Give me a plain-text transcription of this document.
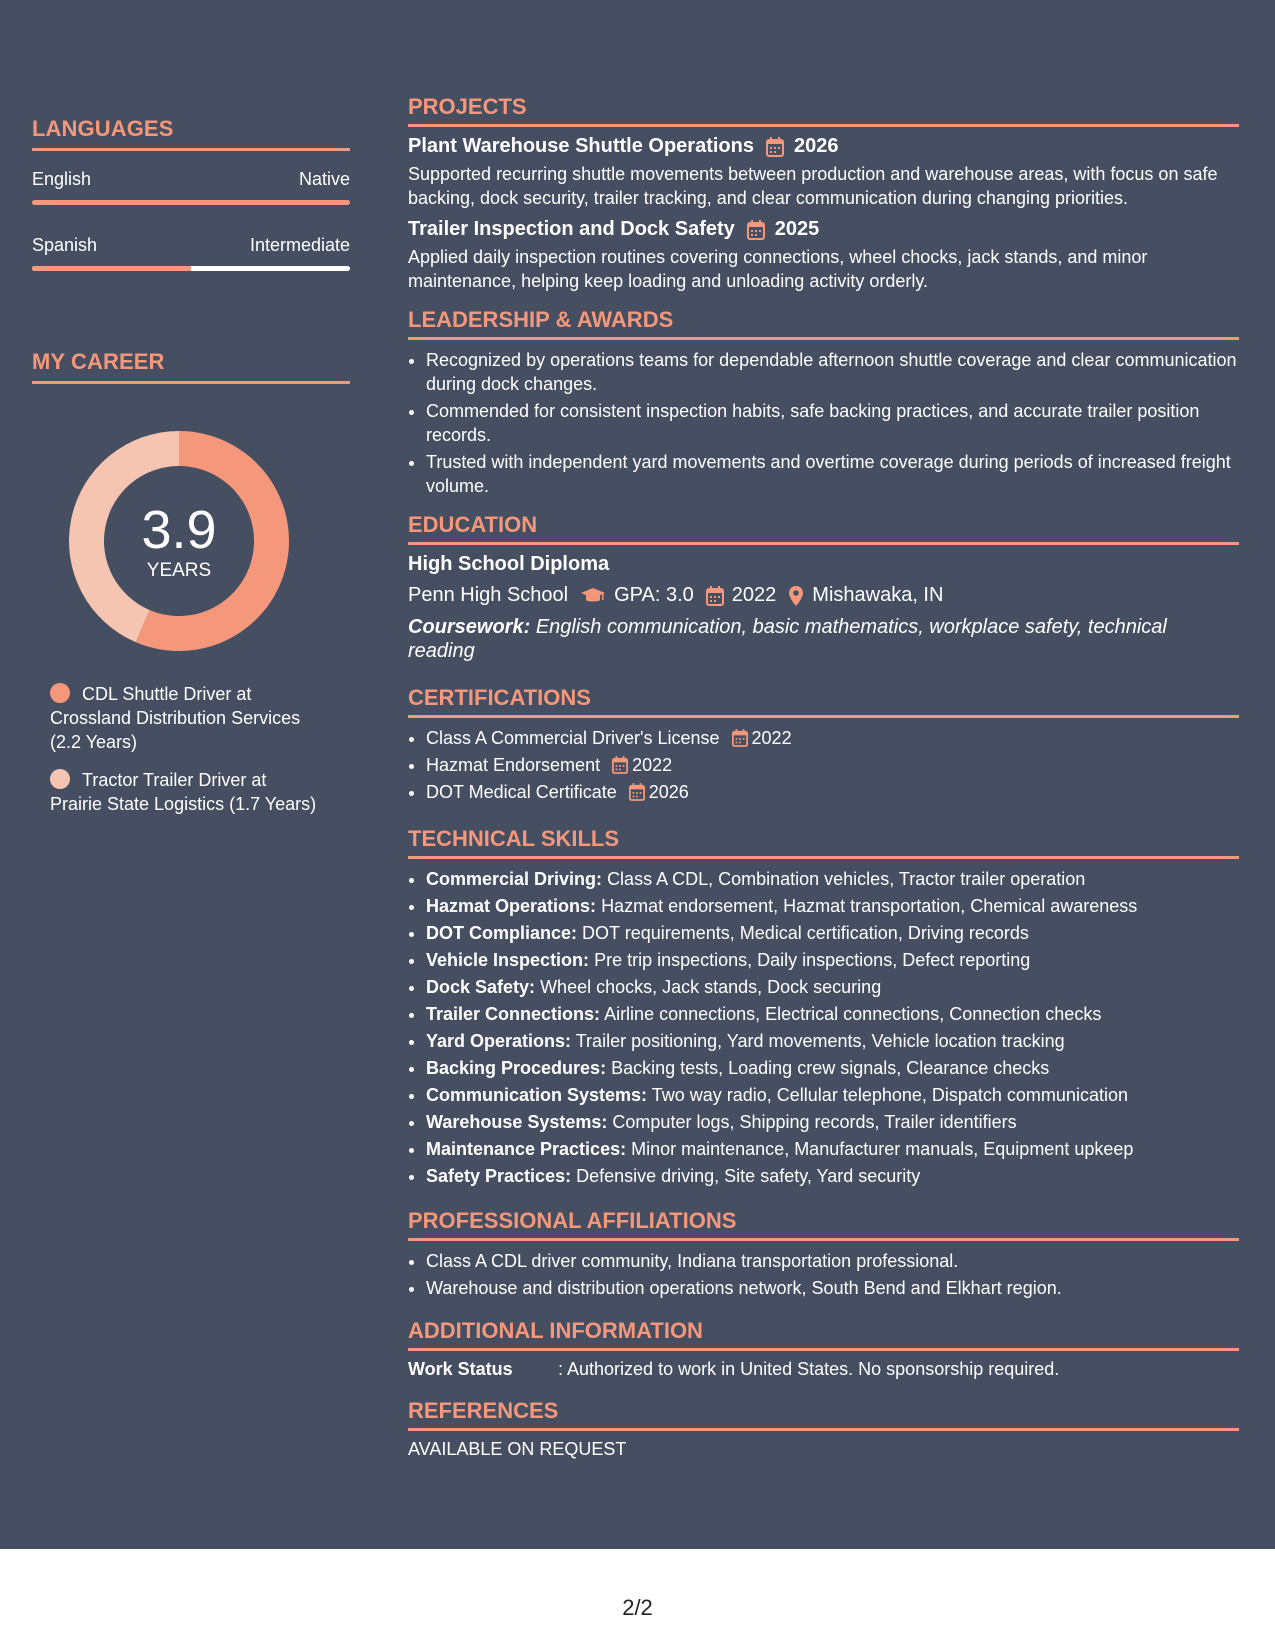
LANGUAGES
English	Native
Spanish	Intermediate
MY CAREER
3.9
YEARS
CDL Shuttle Driver at Crossland Distribution Services (2.2 Years)
Tractor Trailer Driver at Prairie State Logistics (1.7 Years)
PROJECTS
Plant Warehouse Shuttle Operations 2026

Supported recurring shuttle movements between production and warehouse areas, with focus on safe backing, dock security, trailer tracking, and clear communication during changing priorities.

Trailer Inspection and Dock Safety 2025

Applied daily inspection routines covering connections, wheel chocks, jack stands, and minor maintenance, helping keep loading and unloading activity orderly.

LEADERSHIP & AWARDS
• Recognized by operations teams for dependable afternoon shuttle coverage and clear communication during dock changes.
• Commended for consistent inspection habits, safe backing practices, and accurate trailer position records.
• Trusted with independent yard movements and overtime coverage during periods of increased freight volume.
EDUCATION
High School Diploma
Penn High School GPA: 3.0 2022 Mishawaka, IN

Coursework: English communication, basic mathematics, workplace safety, technical reading

CERTIFICATIONS
• Class A Commercial Driver's License 2022
• Hazmat Endorsement 2022
• DOT Medical Certificate 2026
TECHNICAL SKILLS
• Commercial Driving: Class A CDL, Combination vehicles, Tractor trailer operation
• Hazmat Operations: Hazmat endorsement, Hazmat transportation, Chemical awareness
• DOT Compliance: DOT requirements, Medical certification, Driving records
• Vehicle Inspection: Pre trip inspections, Daily inspections, Defect reporting
• Dock Safety: Wheel chocks, Jack stands, Dock securing
• Trailer Connections: Airline connections, Electrical connections, Connection checks
• Yard Operations: Trailer positioning, Yard movements, Vehicle location tracking
• Backing Procedures: Backing tests, Loading crew signals, Clearance checks
• Communication Systems: Two way radio, Cellular telephone, Dispatch communication
• Warehouse Systems: Computer logs, Shipping records, Trailer identifiers
• Maintenance Practices: Minor maintenance, Manufacturer manuals, Equipment upkeep
• Safety Practices: Defensive driving, Site safety, Yard security
PROFESSIONAL AFFILIATIONS
• Class A CDL driver community, Indiana transportation professional.
• Warehouse and distribution operations network, South Bend and Elkhart region.
ADDITIONAL INFORMATION
Work Status	: Authorized to work in United States. No sponsorship required.
REFERENCES
AVAILABLE ON REQUEST
2/2
